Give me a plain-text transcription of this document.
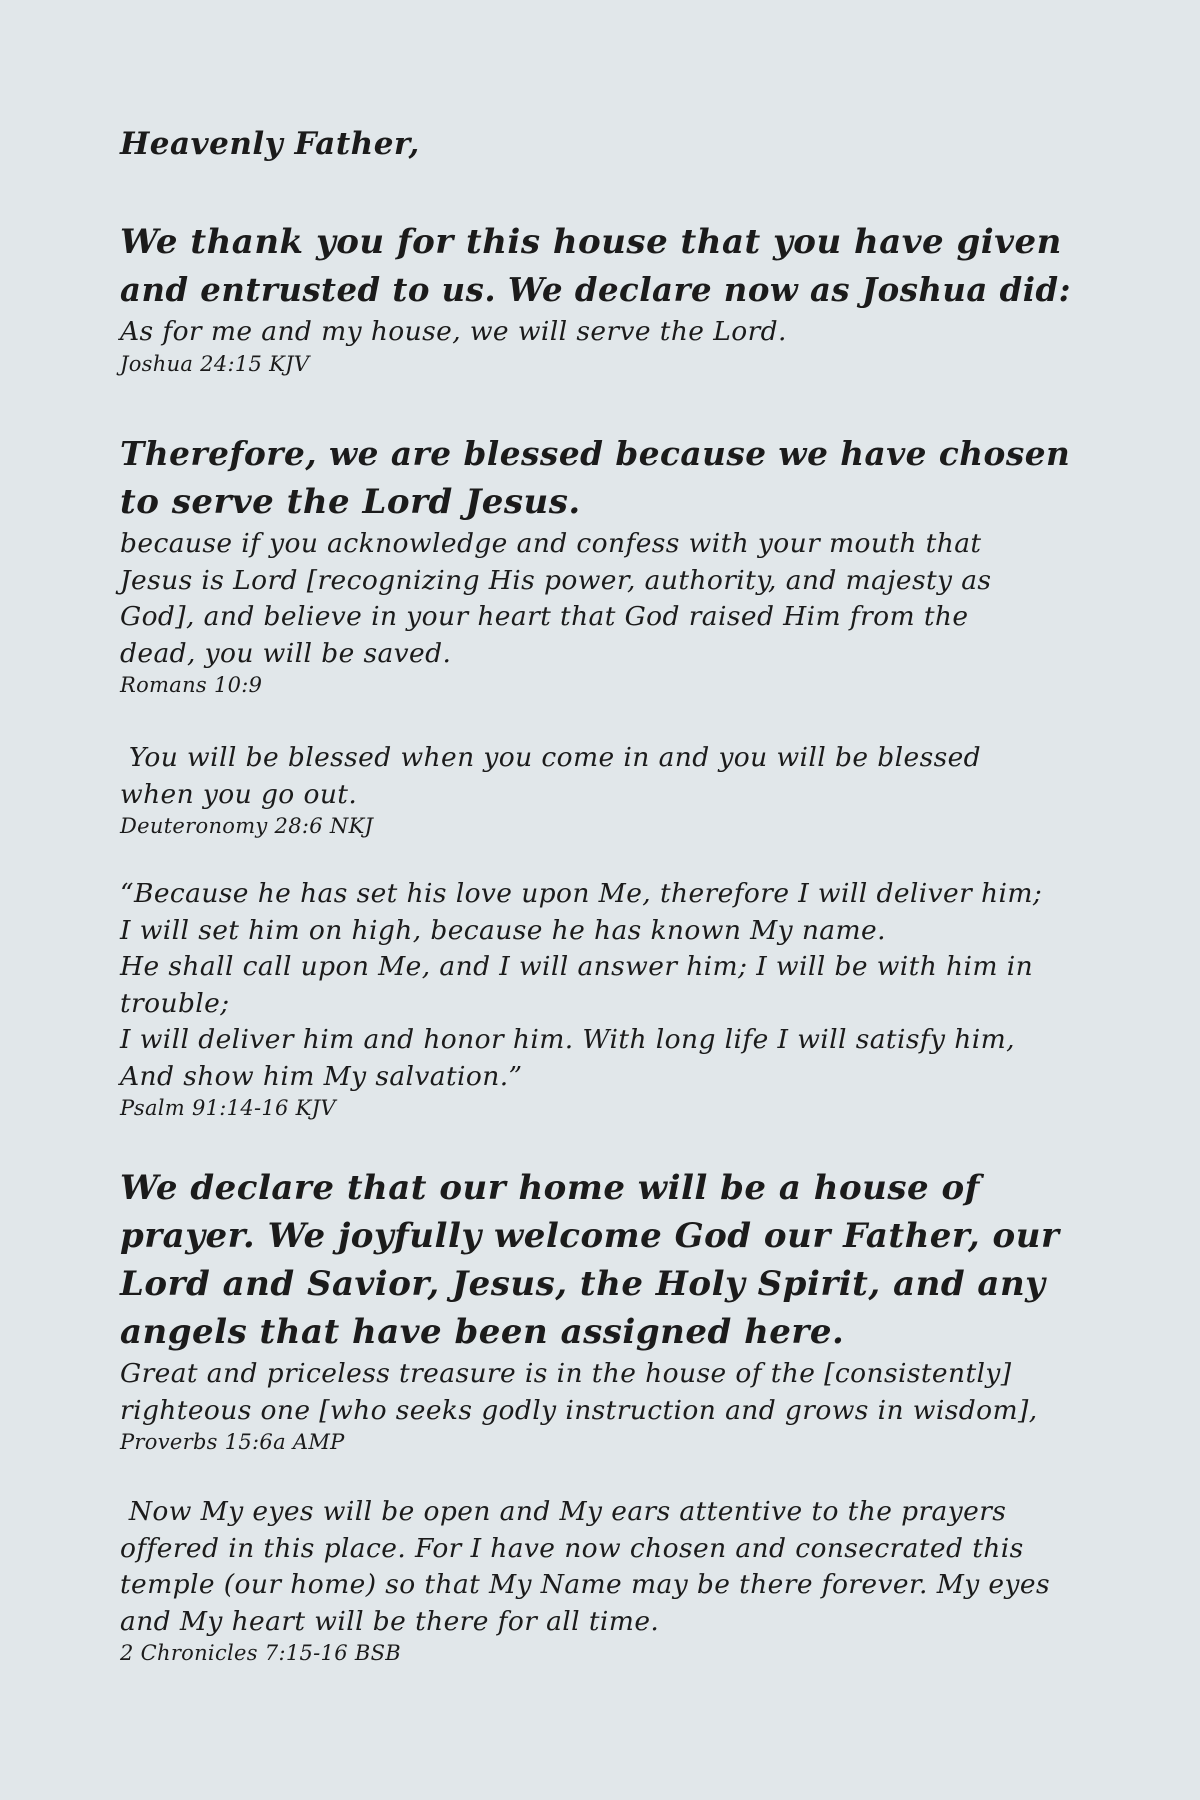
Heavenly Father,
We thank you for this house that you have given
and entrusted to us. We declare now as Joshua did:
As for me and my house, we will serve the Lord.
Joshua 24:15 KJV
Therefore, we are blessed because we have chosen
to serve the Lord Jesus.
because if you acknowledge and confess with your mouth that
Jesus is Lord [recognizing His power, authority, and majesty as
God], and believe in your heart that God raised Him from the
dead, you will be saved.
Romans 10:9
You will be blessed when you come in and you will be blessed
when you go out.
Deuteronomy 28:6 NKJ
“Because he has set his love upon Me, therefore I will deliver him;
I will set him on high, because he has known My name.
He shall call upon Me, and I will answer him; I will be with him in
trouble;
I will deliver him and honor him. With long life I will satisfy him,
And show him My salvation.”
Psalm 91:14-16 KJV
We declare that our home will be a house of
prayer. We joyfully welcome God our Father, our
Lord and Savior, Jesus, the Holy Spirit, and any
angels that have been assigned here.
Great and priceless treasure is in the house of the [consistently]
righteous one [who seeks godly instruction and grows in wisdom],
Proverbs 15:6a AMP
Now My eyes will be open and My ears attentive to the prayers
offered in this place. For I have now chosen and consecrated this
temple (our home) so that My Name may be there forever. My eyes
and My heart will be there for all time.
2 Chronicles 7:15-16 BSB
